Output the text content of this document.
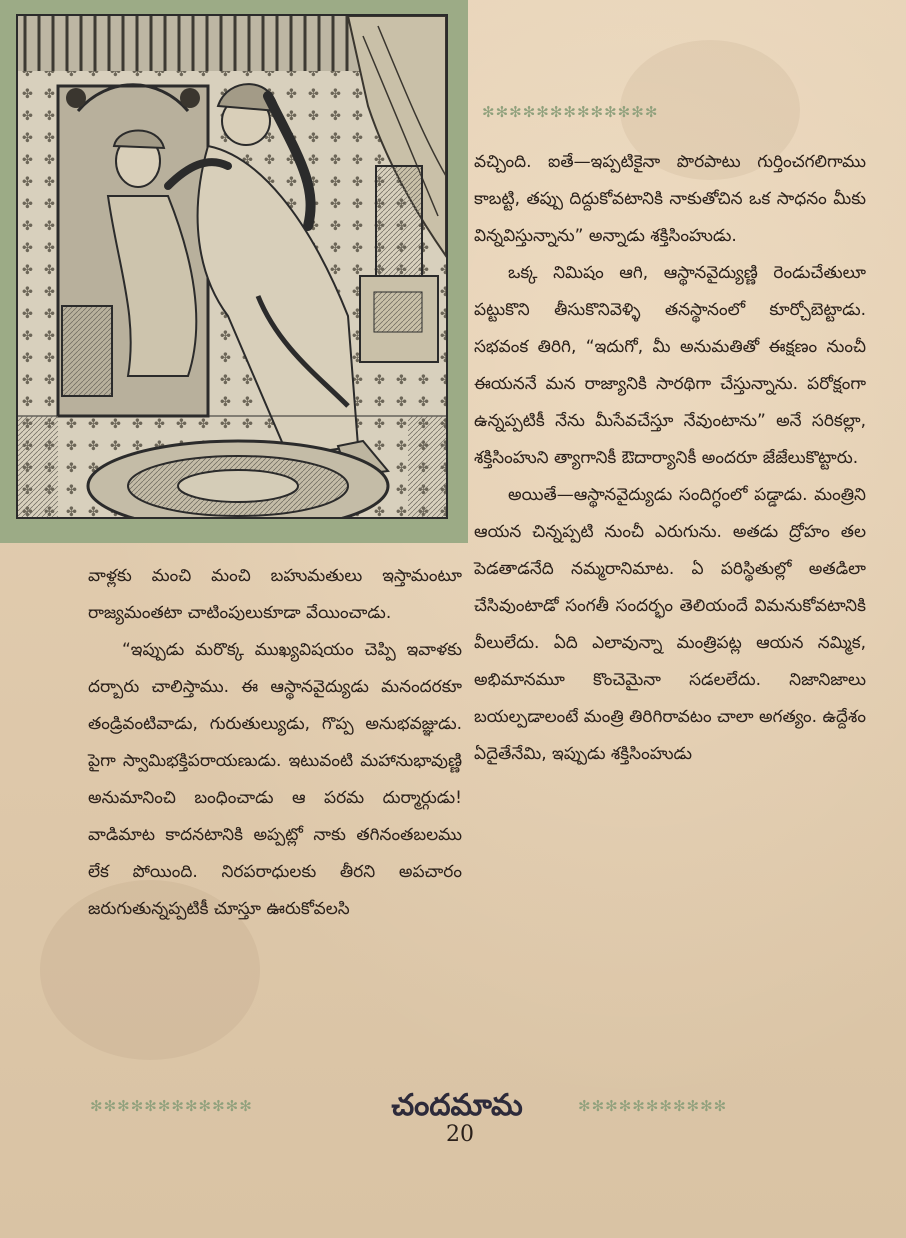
✻✻✻✻✻✻✻✻✻✻✻✻✻

వచ్చింది. ఐతే—ఇప్పటికైనా పొరపాటు గుర్తించగలిగాము కాబట్టి, తప్పు దిద్దుకోవటానికి నాకుతోచిన ఒక సాధనం మీకు విన్నవిస్తున్నాను” అన్నాడు శక్తిసింహుడు.

ఒక్క నిమిషం ఆగి, ఆస్థానవైద్యుణ్ణి రెండుచేతులూ పట్టుకొని తీసుకొనివెళ్ళి తనస్థానంలో కూర్చోబెట్టాడు. సభవంక తిరిగి, “ఇదుగో, మీ అనుమతితో ఈక్షణం నుంచీ ఈయననే మన రాజ్యానికి సారథిగా చేస్తున్నాను. పరోక్షంగా ఉన్నప్పటికీ నేను మీసేవచేస్తూ నేవుంటాను” అనే సరికల్లా, శక్తిసింహుని త్యాగానికీ ఔదార్యానికీ అందరూ జేజేలుకొట్టారు.

అయితే—ఆస్థానవైద్యుడు సందిగ్ధంలో పడ్డాడు. మంత్రిని ఆయన చిన్నప్పటి నుంచీ ఎరుగును. అతడు ద్రోహం తల పెడతాడనేది నమ్మరానిమాట. ఏ పరిస్థితుల్లో అతడిలా చేసివుంటాడో సంగతీ సందర్భం తెలియందే విమనుకోవటానికి వీలులేదు. ఏది ఎలావున్నా మంత్రిపట్ల ఆయన నమ్మిక, అభిమానమూ కొంచెమైనా సడలలేదు. నిజానిజాలు బయల్పడాలంటే మంత్రి తిరిగిరావటం చాలా అగత్యం. ఉద్దేశం ఏదైతేనేమి, ఇప్పుడు శక్తిసింహుడు

వాళ్లకు మంచి మంచి బహుమతులు ఇస్తామంటూ రాజ్యమంతటా చాటింపులుకూడా వేయించాడు.

“ఇప్పుడు మరొక్క ముఖ్యవిషయం చెప్పి ఇవాళకు దర్బారు చాలిస్తాము. ఈ ఆస్థానవైద్యుడు మనందరకూ తండ్రివంటివాడు, గురుతుల్యుడు, గొప్ప అనుభవజ్ఞుడు. పైగా స్వామిభక్తిపరాయణుడు. ఇటువంటి మహానుభావుణ్ణి అనుమానించి బంధించాడు ఆ పరమ దుర్మార్గుడు! వాడిమాట కాదనటానికి అప్పట్లో నాకు తగినంతబలము లేక పోయింది. నిరపరాధులకు తీరని అపచారం జరుగుతున్నప్పటికీ చూస్తూ ఊరుకోవలసి

✻✻✻✻✻✻✻✻✻✻✻✻	చందమామ	✻✻✻✻✻✻✻✻✻✻✻
20
